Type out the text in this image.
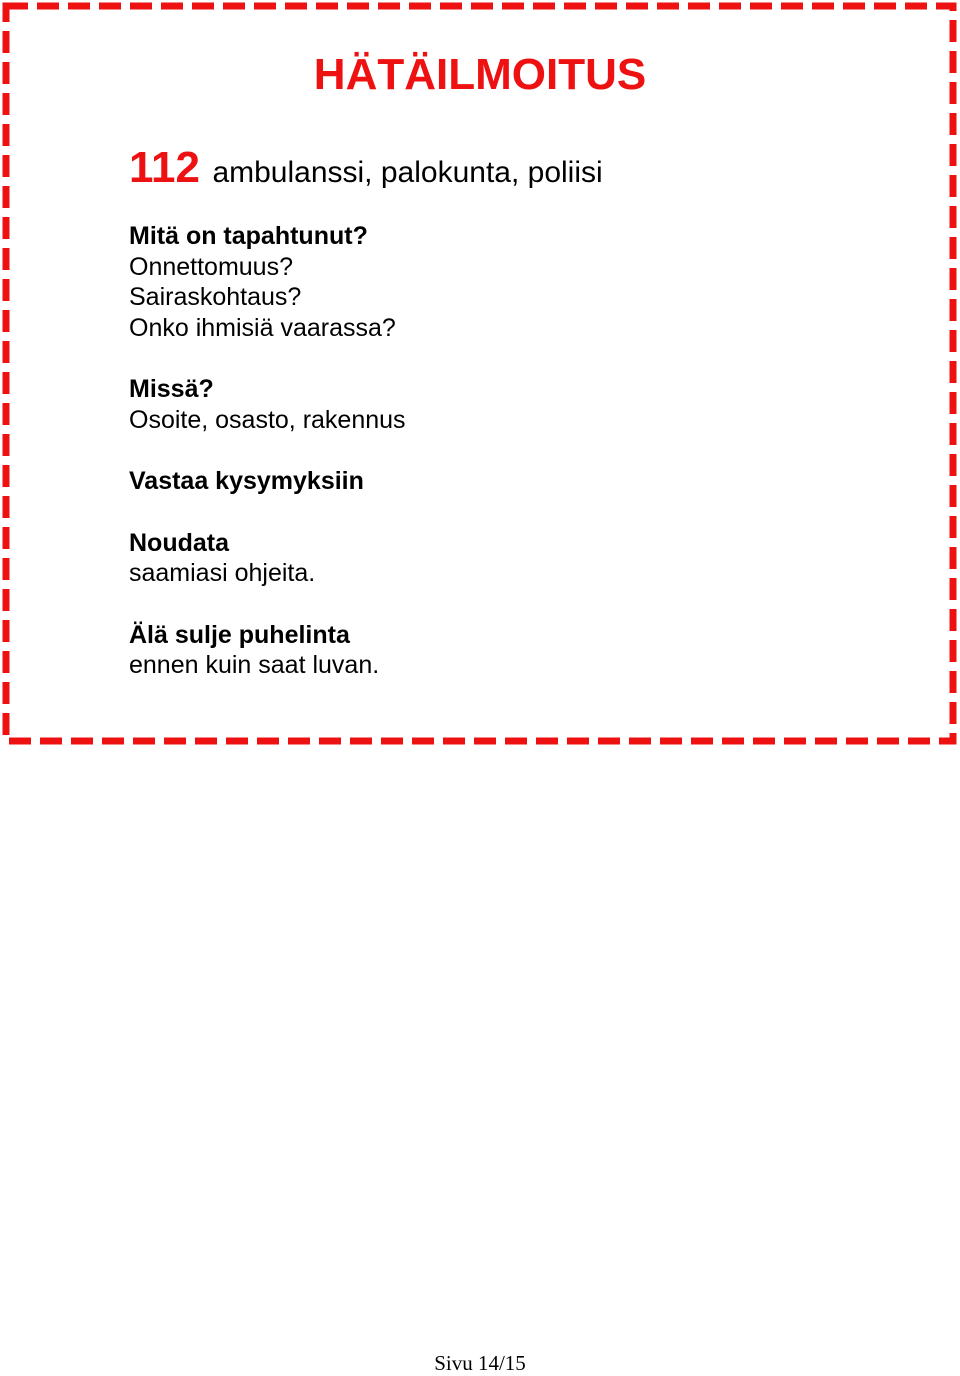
HÄTÄILMOITUS
112 ambulanssi, palokunta, poliisi
Mitä on tapahtunut?
Onnettomuus?
Sairaskohtaus?
Onko ihmisiä vaarassa?
Missä?
Osoite, osasto, rakennus
Vastaa kysymyksiin
Noudata
saamiasi ohjeita.
Älä sulje puhelinta
ennen kuin saat luvan.
Sivu 14/15
